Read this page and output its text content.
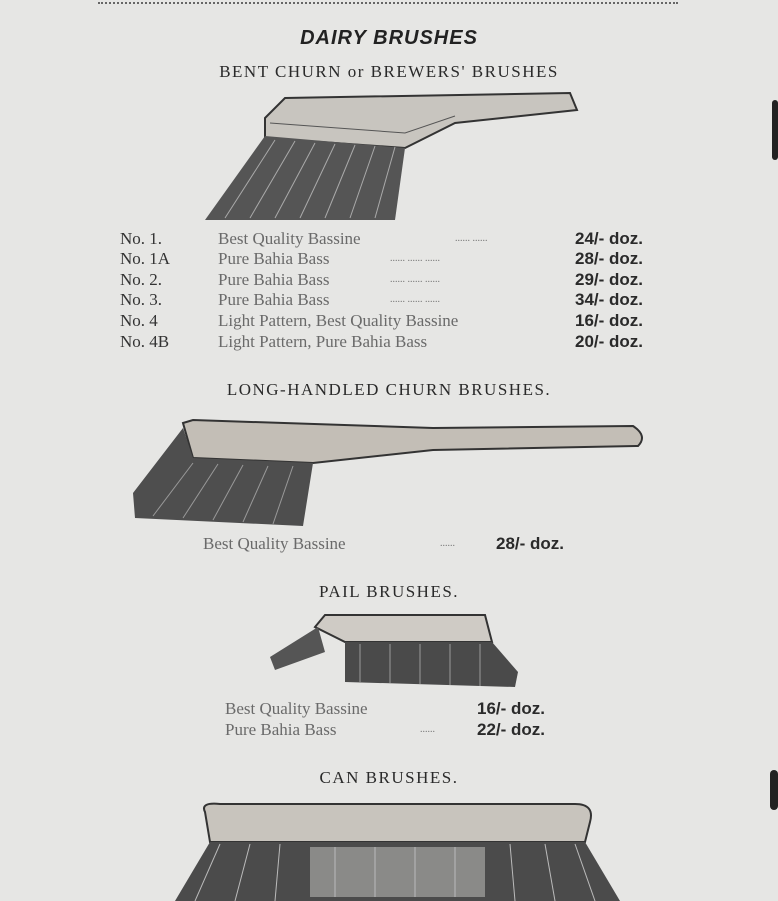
DAIRY BRUSHES
BENT CHURN or BREWERS' BRUSHES
No. 1.	Best Quality Bassine	...... ......	24/- doz.
No. 1A	Pure Bahia Bass	...... ...... ......	28/- doz.
No. 2.	Pure Bahia Bass	...... ...... ......	29/- doz.
No. 3.	Pure Bahia Bass	...... ...... ......	34/- doz.
No. 4	Light Pattern, Best Quality Bassine	16/- doz.
No. 4B	Light Pattern, Pure Bahia Bass	20/- doz.
LONG-HANDLED CHURN BRUSHES.
Best Quality Bassine	...... 28/- doz.
PAIL BRUSHES.
Best Quality Bassine	16/- doz.
Pure Bahia Bass	...... 22/- doz.
CAN BRUSHES.
